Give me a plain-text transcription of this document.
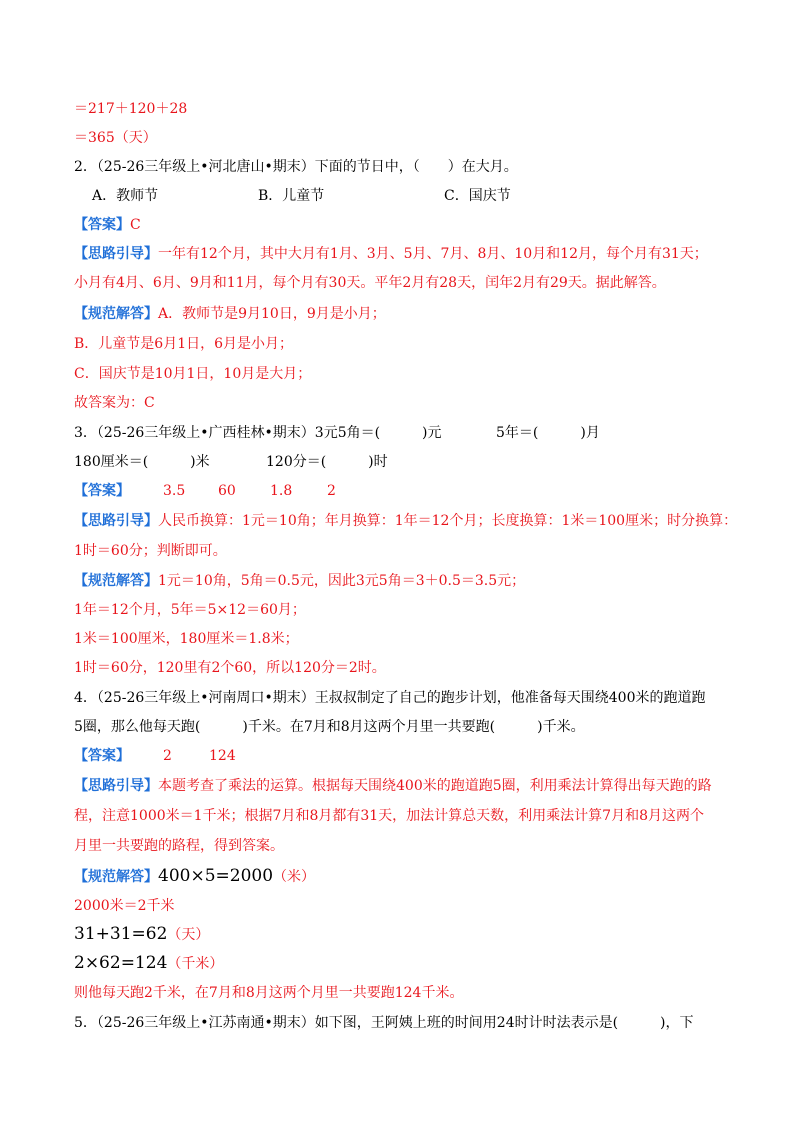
＝217＋120＋28
＝365（天）
2．（25-26三年级上•河北唐山•期末）下面的节日中，（　　）在大月。
A．教师节	B．儿童节	C．国庆节
【答案】C
【思路引导】一年有12个月，其中大月有1月、3月、5月、7月、8月、10月和12月，每个月有31天；
小月有4月、6月、9月和11月，每个月有30天。平年2月有28天，闰年2月有29天。据此解答。
【规范解答】A．教师节是9月10日，9月是小月；
B．儿童节是6月1日，6月是小月；
C．国庆节是10月1日，10月是大月；
故答案为：C
3．（25-26三年级上•广西桂林•期末）3元5角＝(　　　)元	5年＝(　　　)月
180厘米＝(　　　)米	120分＝(　　　)时
【答案】 3.5 60 1.8 2
【思路引导】人民币换算：1元＝10角；年月换算：1年＝12个月；长度换算：1米＝100厘米；时分换算：
1时＝60分；判断即可。
【规范解答】1元＝10角，5角＝0.5元，因此3元5角＝3＋0.5＝3.5元；
1年＝12个月，5年＝5×12＝60月；
1米＝100厘米，180厘米＝1.8米；
1时＝60分，120里有2个60，所以120分＝2时。
4．（25-26三年级上•河南周口•期末）王叔叔制定了自己的跑步计划，他准备每天围绕400米的跑道跑
5圈，那么他每天跑(　　　)千米。在7月和8月这两个月里一共要跑(　　　)千米。
【答案】 2	124
【思路引导】本题考查了乘法的运算。根据每天围绕400米的跑道跑5圈，利用乘法计算得出每天跑的路
程，注意1000米＝1千米；根据7月和8月都有31天，加法计算总天数，利用乘法计算7月和8月这两个
月里一共要跑的路程，得到答案。
【规范解答】400×5=2000（米）
2000米＝2千米
31+31=62（天）
2×62=124（千米）
则他每天跑2千米，在7月和8月这两个月里一共要跑124千米。
5．（25-26三年级上•江苏南通•期末）如下图，王阿姨上班的时间用24时计时法表示是(　　　)，下
